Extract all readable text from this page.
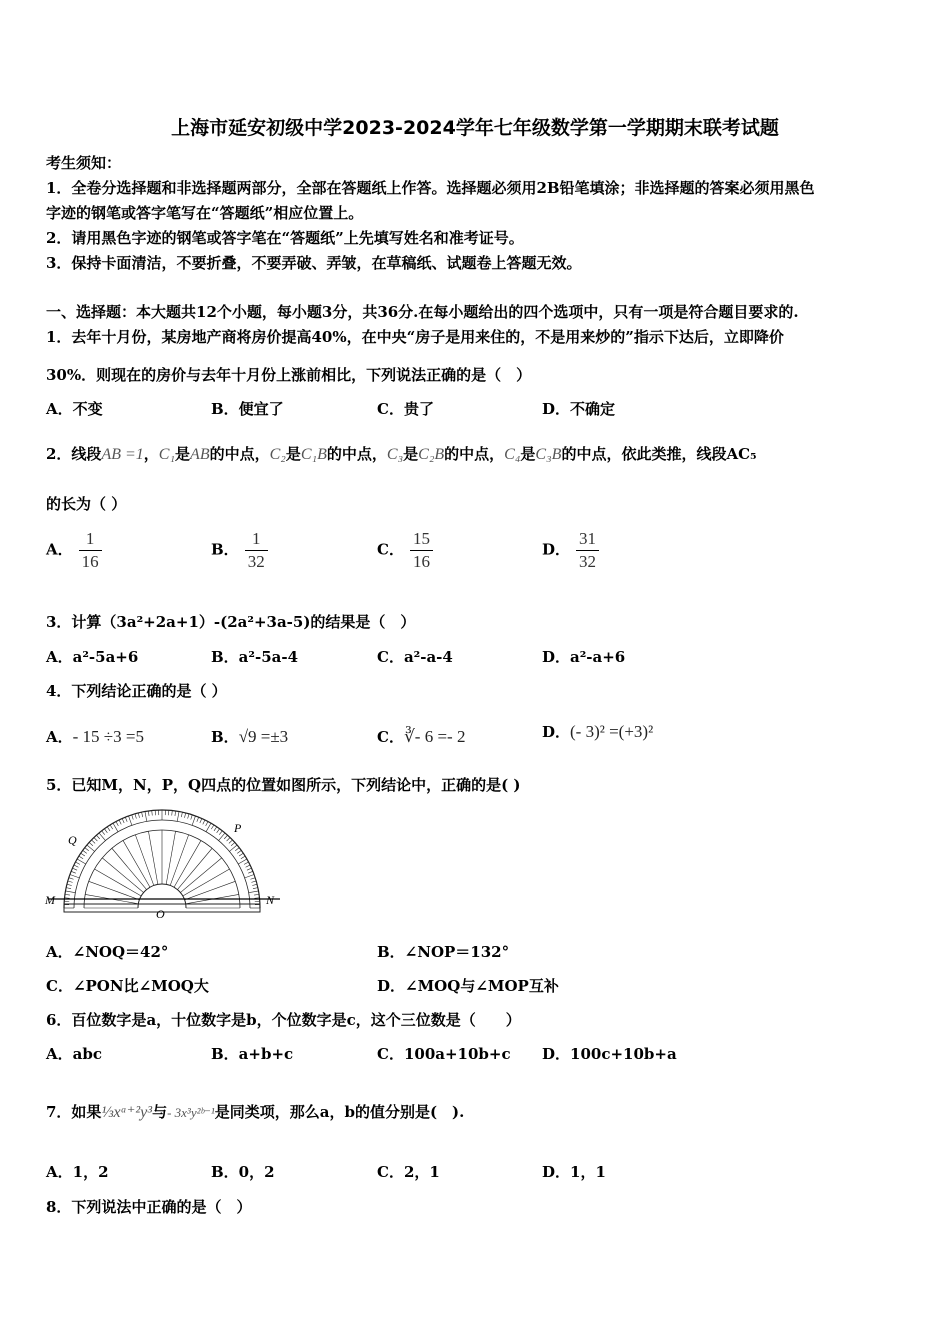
上海市延安初级中学2023-2024学年七年级数学第一学期期末联考试题
考生须知：
1．全卷分选择题和非选择题两部分，全部在答题纸上作答。选择题必须用2B铅笔填涂；非选择题的答案必须用黑色
字迹的钢笔或答字笔写在“答题纸”相应位置上。
2．请用黑色字迹的钢笔或答字笔在“答题纸”上先填写姓名和准考证号。
3．保持卡面清洁，不要折叠，不要弄破、弄皱，在草稿纸、试题卷上答题无效。
一、选择题：本大题共12个小题，每小题3分，共36分.在每小题给出的四个选项中，只有一项是符合题目要求的.
1．去年十月份，某房地产商将房价提高40%，在中央“房子是用来住的，不是用来炒的”指示下达后，立即降价
30%．则现在的房价与去年十月份上涨前相比，下列说法正确的是（　）
A．不变	B．便宜了	C．贵了	D．不确定
2．线段AB =1，C₁是AB的中点，C₂是C₁B的中点，C₃是C₂B的中点，C₄是C₃B的中点，依此类推，线段AC₅
的长为（ ）
A． $\frac{1}{16}$	B． $\frac{1}{32}$	C． $\frac{15}{16}$	D． $\frac{31}{32}$
3．计算（3a²+2a+1）-(2a²+3a-5)的结果是（　）
A．a²-5a+6	B．a²-5a-4	C．a²-a-4	D．a²-a+6
4．下列结论正确的是（ ）
A．- 15 ÷3 =5	B．√9 =±3	C．∛- 6 =- 2	D．(- 3)² =(+3)²
5．已知M，N，P，Q四点的位置如图所示，下列结论中，正确的是( )
M	N
O
P
Q
A．∠NOQ＝42°	B．∠NOP＝132°
C．∠PON比∠MOQ大	D．∠MOQ与∠MOP互补
6．百位数字是a，十位数字是b，个位数字是c，这个三位数是（　　）
A．abc	B．a+b+c	C．100a+10b+c D．100c+10b+a
7．如果⅓xᵃ⁺²y³与- 3x³y²ᵇ⁻¹是同类项，那么a，b的值分别是(　).
A．1，2	B．0，2	C．2，1	D．1，1
8．下列说法中正确的是（　）
